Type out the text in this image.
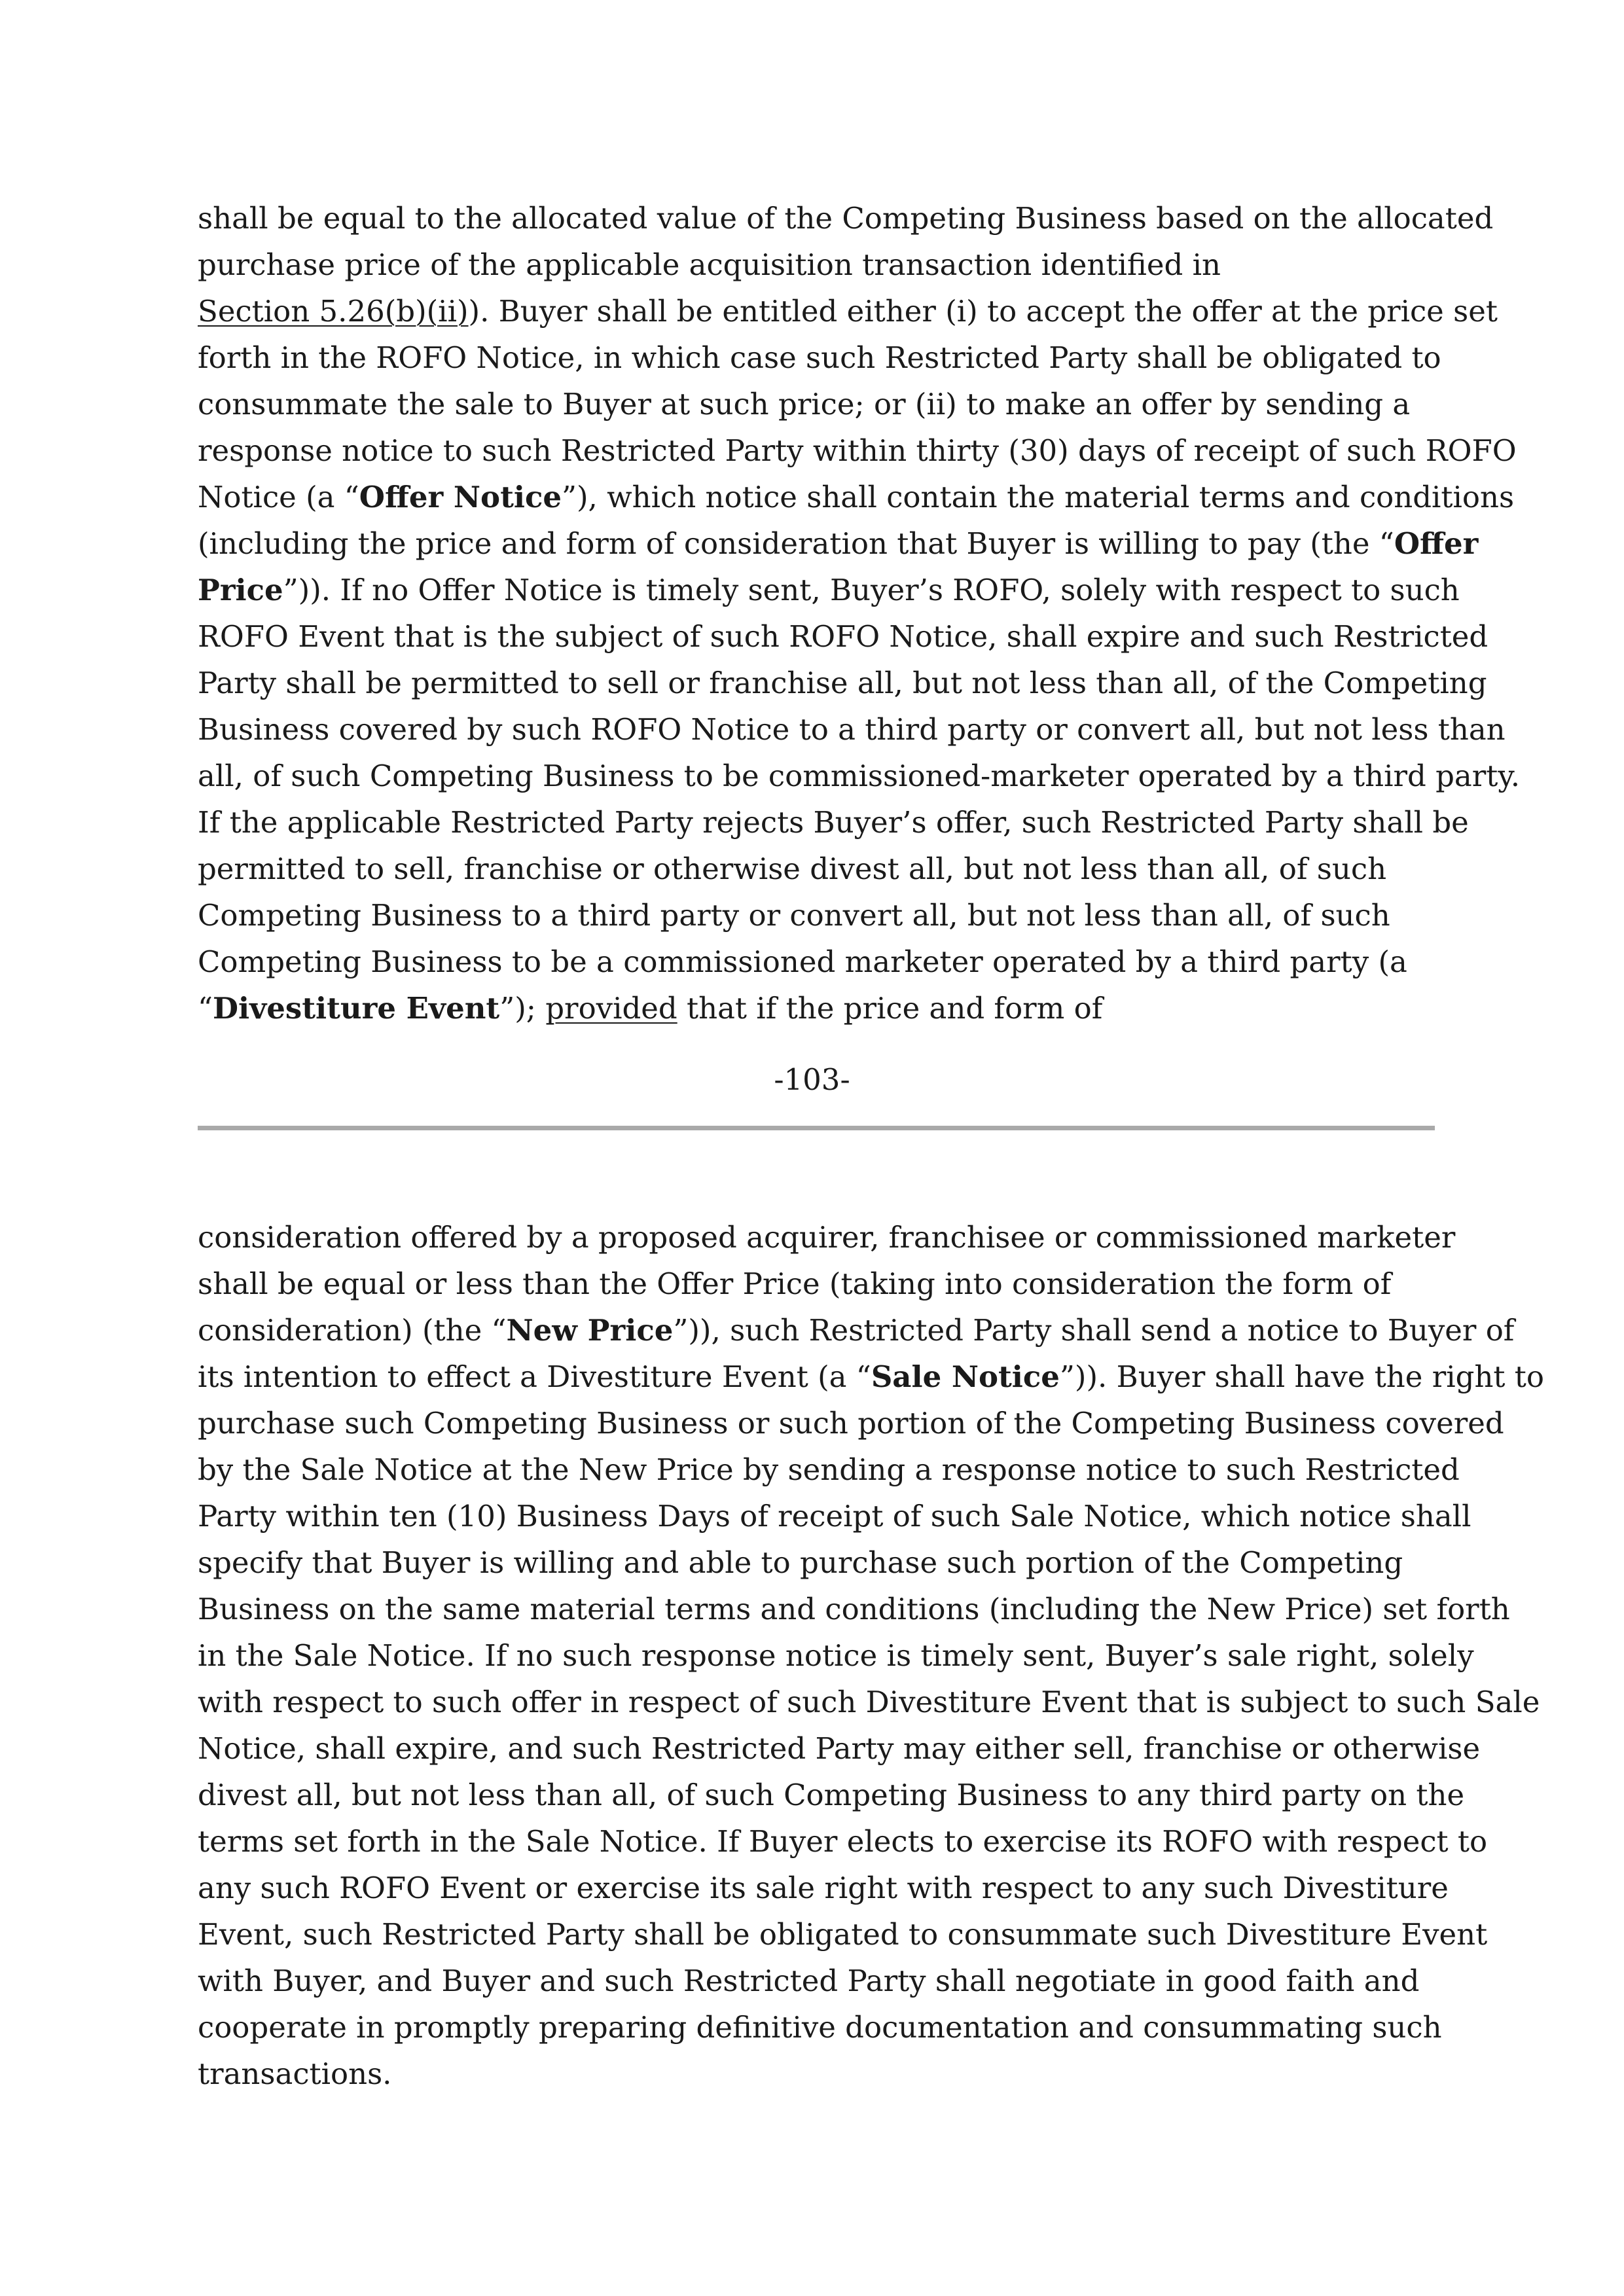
shall be equal to the allocated value of the Competing Business based on the allocated
purchase price of the applicable acquisition transaction identified in
Section 5.26(b)(ii)). Buyer shall be entitled either (i) to accept the offer at the price set
forth in the ROFO Notice, in which case such Restricted Party shall be obligated to
consummate the sale to Buyer at such price; or (ii) to make an offer by sending a
response notice to such Restricted Party within thirty (30) days of receipt of such ROFO
Notice (a “Offer Notice”), which notice shall contain the material terms and conditions
(including the price and form of consideration that Buyer is willing to pay (the “Offer
Price”)). If no Offer Notice is timely sent, Buyer’s ROFO, solely with respect to such
ROFO Event that is the subject of such ROFO Notice, shall expire and such Restricted
Party shall be permitted to sell or franchise all, but not less than all, of the Competing
Business covered by such ROFO Notice to a third party or convert all, but not less than
all, of such Competing Business to be commissioned-marketer operated by a third party.
If the applicable Restricted Party rejects Buyer’s offer, such Restricted Party shall be
permitted to sell, franchise or otherwise divest all, but not less than all, of such
Competing Business to a third party or convert all, but not less than all, of such
Competing Business to be a commissioned marketer operated by a third party (a
“Divestiture Event”); provided that if the price and form of

-103-

consideration offered by a proposed acquirer, franchisee or commissioned marketer
shall be equal or less than the Offer Price (taking into consideration the form of
consideration) (the “New Price”)), such Restricted Party shall send a notice to Buyer of
its intention to effect a Divestiture Event (a “Sale Notice”)). Buyer shall have the right to
purchase such Competing Business or such portion of the Competing Business covered
by the Sale Notice at the New Price by sending a response notice to such Restricted
Party within ten (10) Business Days of receipt of such Sale Notice, which notice shall
specify that Buyer is willing and able to purchase such portion of the Competing
Business on the same material terms and conditions (including the New Price) set forth
in the Sale Notice. If no such response notice is timely sent, Buyer’s sale right, solely
with respect to such offer in respect of such Divestiture Event that is subject to such Sale
Notice, shall expire, and such Restricted Party may either sell, franchise or otherwise
divest all, but not less than all, of such Competing Business to any third party on the
terms set forth in the Sale Notice. If Buyer elects to exercise its ROFO with respect to
any such ROFO Event or exercise its sale right with respect to any such Divestiture
Event, such Restricted Party shall be obligated to consummate such Divestiture Event
with Buyer, and Buyer and such Restricted Party shall negotiate in good faith and
cooperate in promptly preparing definitive documentation and consummating such
transactions.
